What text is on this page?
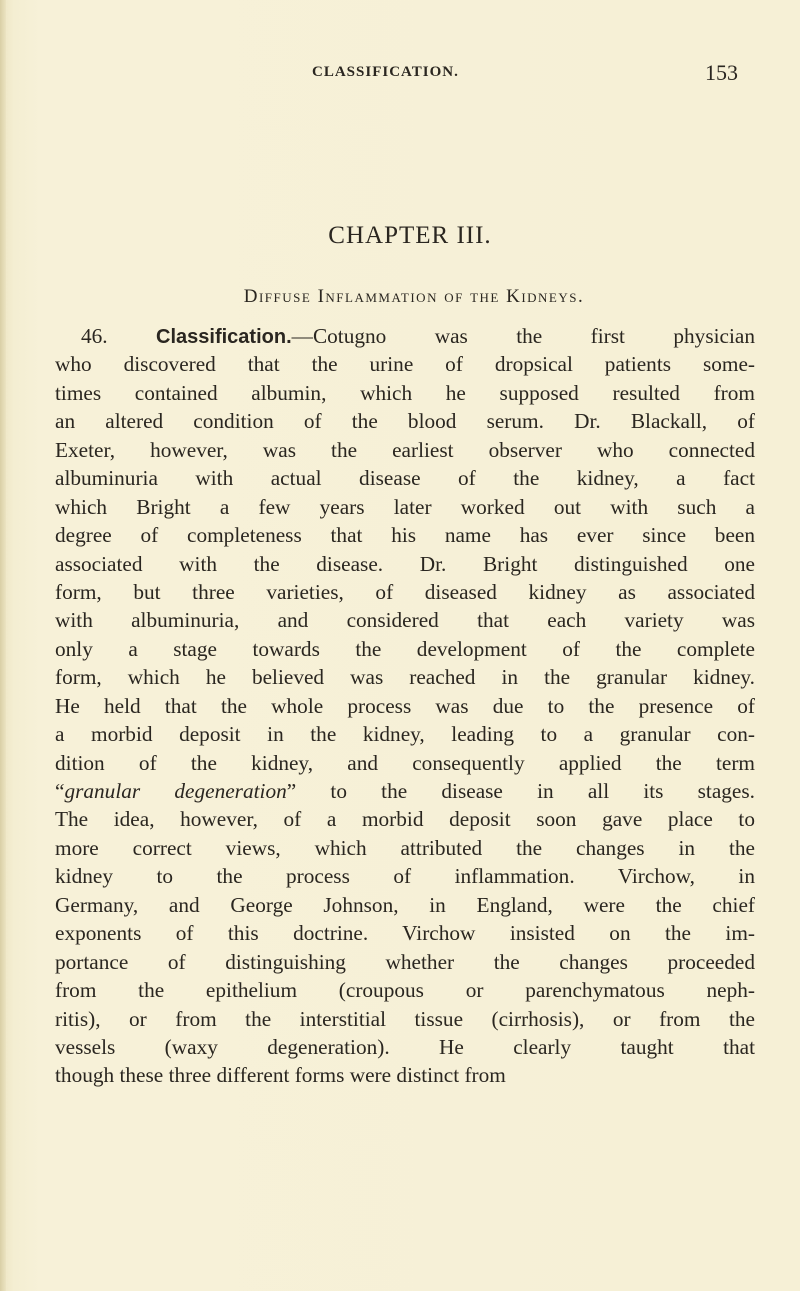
CLASSIFICATION.	153
CHAPTER III.
Diffuse Inflammation of the Kidneys.
46. Classification.—Cotugno was the first physician
who discovered that the urine of dropsical patients some-
times contained albumin, which he supposed resulted from
an altered condition of the blood serum. Dr. Blackall, of
Exeter, however, was the earliest observer who connected
albuminuria with actual disease of the kidney, a fact
which Bright a few years later worked out with such a
degree of completeness that his name has ever since been
associated with the disease. Dr. Bright distinguished one
form, but three varieties, of diseased kidney as associated
with albuminuria, and considered that each variety was
only a stage towards the development of the complete
form, which he believed was reached in the granular kidney.
He held that the whole process was due to the presence of
a morbid deposit in the kidney, leading to a granular con-
dition of the kidney, and consequently applied the term
“granular degeneration” to the disease in all its stages.
The idea, however, of a morbid deposit soon gave place to
more correct views, which attributed the changes in the
kidney to the process of inflammation. Virchow, in
Germany, and George Johnson, in England, were the chief
exponents of this doctrine. Virchow insisted on the im-
portance of distinguishing whether the changes proceeded
from the epithelium (croupous or parenchymatous neph-
ritis), or from the interstitial tissue (cirrhosis), or from the
vessels (waxy degeneration). He clearly taught that
though these three different forms were distinct from
